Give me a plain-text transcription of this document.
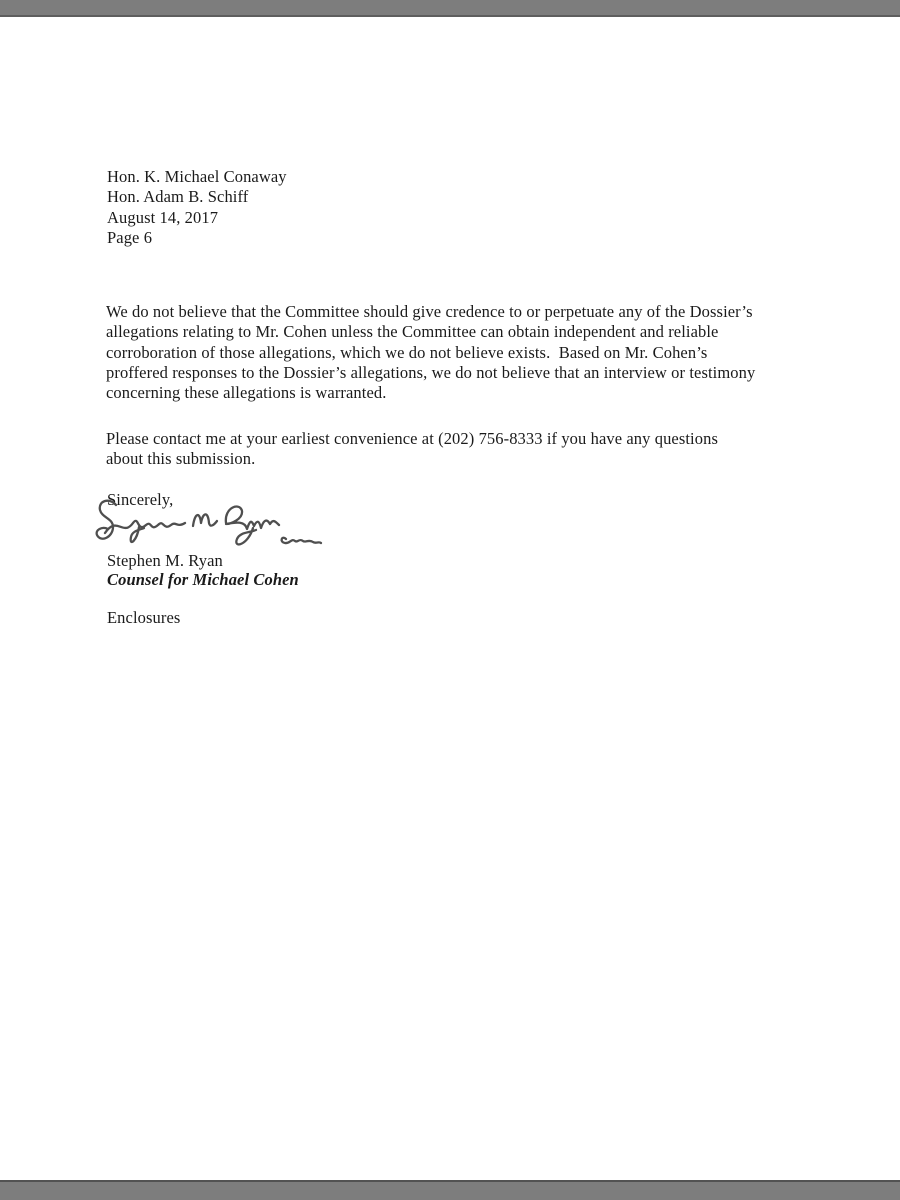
Hon. K. Michael Conaway
Hon. Adam B. Schiff
August 14, 2017
Page 6
We do not believe that the Committee should give credence to or perpetuate any of the Dossier’s
allegations relating to Mr. Cohen unless the Committee can obtain independent and reliable
corroboration of those allegations, which we do not believe exists.  Based on Mr. Cohen’s
proffered responses to the Dossier’s allegations, we do not believe that an interview or testimony
concerning these allegations is warranted.
Please contact me at your earliest convenience at (202) 756-8333 if you have any questions
about this submission.
Sincerely,
Stephen M. Ryan
Counsel for Michael Cohen
Enclosures
